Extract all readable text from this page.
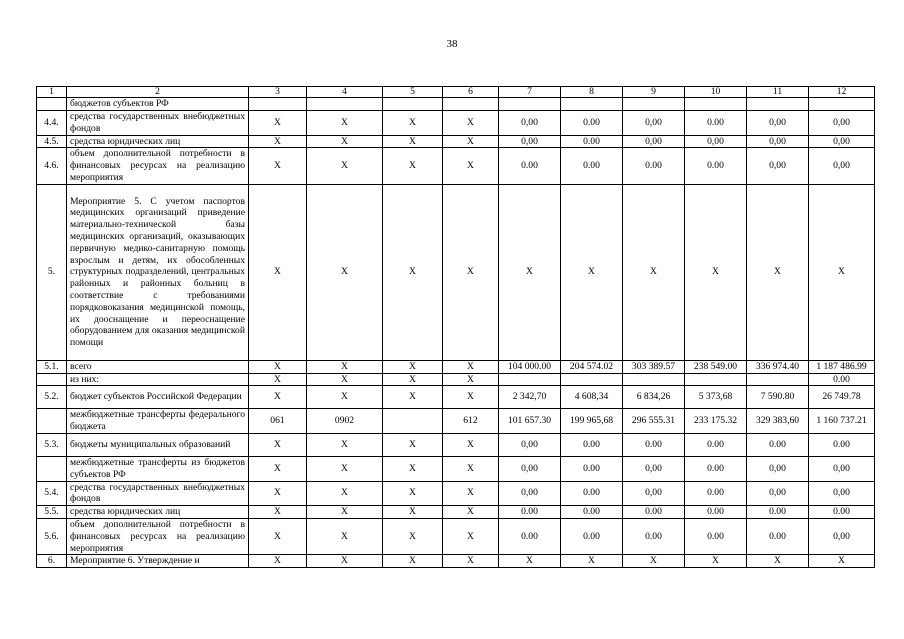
38
1	2	3	4	5	6	7	8	9	10	11	12
	бюджетов субъектов РФ										
4.4.	средства государственных внебюджетных фондов	X	X	X	X	0,00	0.00	0,00	0.00	0,00	0,00
4.5.	средства юридических лиц	X	X	X	X	0,00	0.00	0,00	0,00	0,00	0,00
4.6.	объем дополнительной потребности в финансовых ресурсах на реализацию мероприятия	X	X	X	X	0.00	0.00	0.00	0.00	0,00	0,00
5.	Мероприятие 5. С учетом паспортов медицинских организаций приведение материально-технической базы медицинских организаций, оказывающих первичную медико-санитарную помощь взрослым и детям, их обособленных структурных подразделений, центральных районных и районных больниц в соответствие с требованиями порядковоказания медицинской помощь, их дооснащение и переоснащение оборудованием для оказания медицинской помощи	X	X	X	X	X	X	X	X	X	X
5.1.	всего	X	X	X	X	104 000.00	204 574.02	303 389.57	238 549.00	336 974.40	1 187 486.99
	из них:	X	X	X	X						0.00
5.2.	бюджет субъектов Российской Федерации	X	X	X	X	2 342,70	4 608,34	6 834,26	5 373,68	7 590.80	26 749.78
	межбюджетные трансферты федерального бюджета	061	0902		612	101 657.30	199 965,68	296 555.31	233 175.32	329 383,60	1 160 737.21
5.3.	бюджеты муниципальных образований	X	X	X	X	0,00	0.00	0.00	0.00	0.00	0.00
	межбюджетные трансферты из бюджетов субъектов РФ	X	X	X	X	0,00	0.00	0,00	0.00	0,00	0,00
5.4.	средства государственных внебюджетных фондов	X	X	X	X	0,00	0.00	0,00	0.00	0,00	0,00
5.5.	средства юридических лиц	X	X	X	X	0.00	0.00	0.00	0.00	0.00	0.00
5.6.	объем дополнительной потребности в финансовых ресурсах на реализацию мероприятия	X	X	X	X	0.00	0.00	0.00	0.00	0.00	0,00
6.	Мероприятие 6. Утверждение и	X	X	X	X	X	X	X	X	X	X
